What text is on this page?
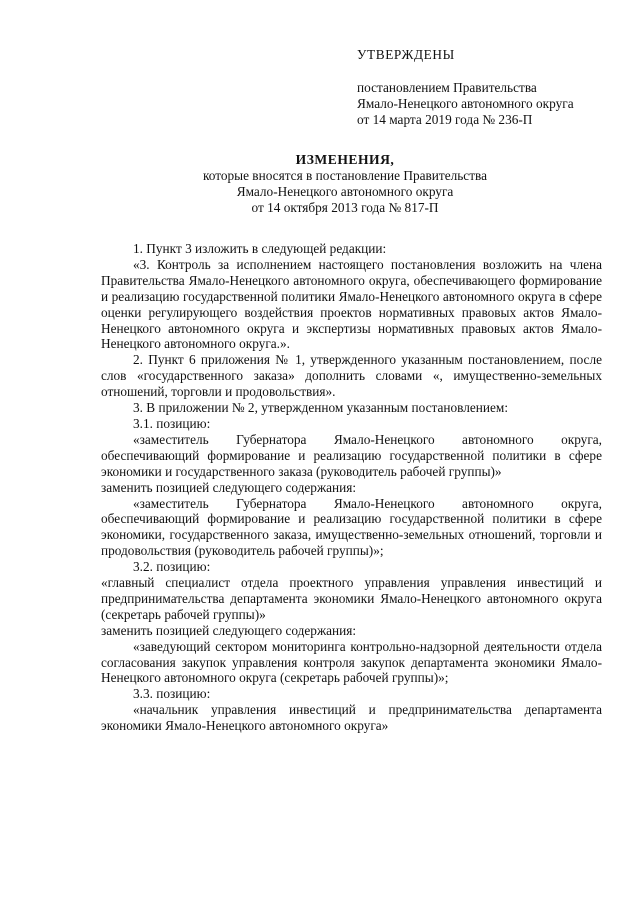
УТВЕРЖДЕНЫ
постановлением Правительства
Ямало-Ненецкого автономного округа
от 14 марта 2019 года № 236-П
ИЗМЕНЕНИЯ,
которые вносятся в постановление Правительства
Ямало-Ненецкого автономного округа
от 14 октября 2013 года № 817-П

1. Пункт 3 изложить в следующей редакции:

«3. Контроль за исполнением настоящего постановления возложить на члена Правительства Ямало-Ненецкого автономного округа, обеспечивающего формирование и реализацию государственной политики Ямало-Ненецкого автономного округа в сфере оценки регулирующего воздействия проектов нормативных правовых актов Ямало-Ненецкого автономного округа и экспертизы нормативных правовых актов Ямало-Ненецкого автономного округа.».

2. Пункт 6 приложения № 1, утвержденного указанным постановлением, после слов «государственного заказа» дополнить словами «, имущественно-земельных отношений, торговли и продовольствия».

3. В приложении № 2, утвержденном указанным постановлением:

3.1. позицию:

«заместитель Губернатора Ямало-Ненецкого автономного округа, обеспечивающий формирование и реализацию государственной политики в сфере экономики и государственного заказа (руководитель рабочей группы)»

заменить позицией следующего содержания:

«заместитель Губернатора Ямало-Ненецкого автономного округа, обеспечивающий формирование и реализацию государственной политики в сфере экономики, государственного заказа, имущественно-земельных отношений, торговли и продовольствия (руководитель рабочей группы)»;

3.2. позицию:

«главный специалист отдела проектного управления управления инвестиций и предпринимательства департамента экономики Ямало-Ненецкого автономного округа (секретарь рабочей группы)»

заменить позицией следующего содержания:

«заведующий сектором мониторинга контрольно-надзорной деятельности отдела согласования закупок управления контроля закупок департамента экономики Ямало-Ненецкого автономного округа (секретарь рабочей группы)»;

3.3. позицию:

«начальник управления инвестиций и предпринимательства департамента экономики Ямало-Ненецкого автономного округа»
